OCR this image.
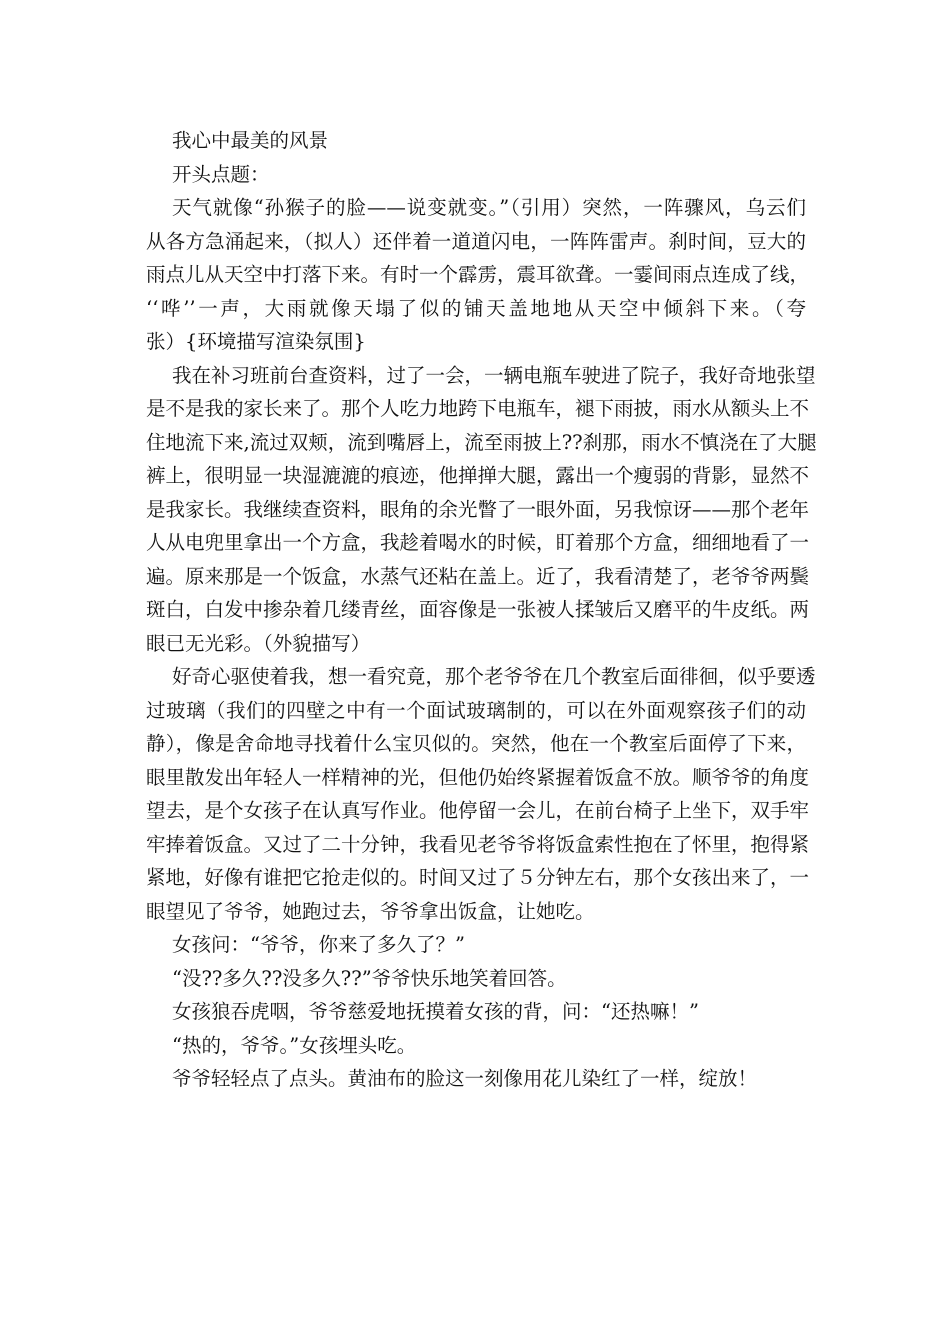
我心中最美的风景
开头点题：
天气就像“孙猴子的脸——说变就变。”（引用）突然，一阵骤风，乌云们
从各方急涌起来，（拟人）还伴着一道道闪电，一阵阵雷声。刹时间，豆大的
雨点儿从天空中打落下来。有时一个霹雳，震耳欲聋。一霎间雨点连成了线，
‘‘哗’’一声，大雨就像天塌了似的铺天盖地地从天空中倾斜下来。（夸
张）{环境描写渲染氛围}
我在补习班前台查资料，过了一会，一辆电瓶车驶进了院子，我好奇地张望
是不是我的家长来了。那个人吃力地跨下电瓶车，褪下雨披，雨水从额头上不
住地流下来,流过双颊，流到嘴唇上，流至雨披上??刹那，雨水不慎浇在了大腿
裤上，很明显一块湿漉漉的痕迹，他掸掸大腿，露出一个瘦弱的背影，显然不
是我家长。我继续查资料，眼角的余光瞥了一眼外面，另我惊讶——那个老年
人从电兜里拿出一个方盒，我趁着喝水的时候，盯着那个方盒，细细地看了一
遍。原来那是一个饭盒，水蒸气还粘在盖上。近了，我看清楚了，老爷爷两鬓
斑白，白发中掺杂着几缕青丝，面容像是一张被人揉皱后又磨平的牛皮纸。两
眼已无光彩。（外貌描写）
好奇心驱使着我，想一看究竟，那个老爷爷在几个教室后面徘徊，似乎要透
过玻璃（我们的四壁之中有一个面试玻璃制的，可以在外面观察孩子们的动
静），像是舍命地寻找着什么宝贝似的。突然，他在一个教室后面停了下来，
眼里散发出年轻人一样精神的光，但他仍始终紧握着饭盒不放。顺爷爷的角度
望去，是个女孩子在认真写作业。他停留一会儿，在前台椅子上坐下，双手牢
牢捧着饭盒。又过了二十分钟，我看见老爷爷将饭盒索性抱在了怀里，抱得紧
紧地，好像有谁把它抢走似的。时间又过了５分钟左右，那个女孩出来了，一
眼望见了爷爷，她跑过去，爷爷拿出饭盒，让她吃。
女孩问：“爷爷，你来了多久了？”
“没??多久??没多久??”爷爷快乐地笑着回答。
女孩狼吞虎咽，爷爷慈爱地抚摸着女孩的背，问：“还热嘛！”
“热的，爷爷。”女孩埋头吃。
爷爷轻轻点了点头。黄油布的脸这一刻像用花儿染红了一样，绽放！
